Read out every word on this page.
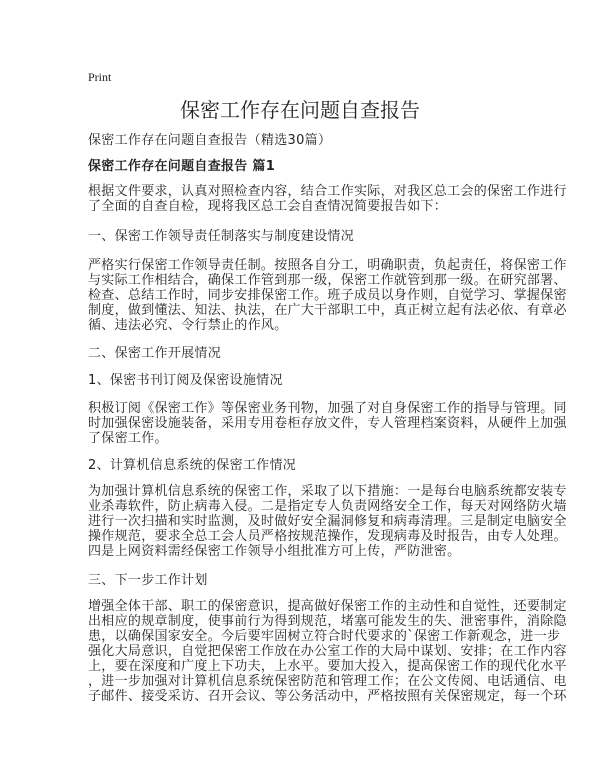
Print
保密工作存在问题自查报告
保密工作存在问题自查报告（精选30篇）
保密工作存在问题自查报告 篇1
根据文件要求，认真对照检查内容，结合工作实际，对我区总工会的保密工作进行
了全面的自查自检，现将我区总工会自查情况简要报告如下：
一、保密工作领导责任制落实与制度建设情况
严格实行保密工作领导责任制。按照各自分工，明确职责，负起责任，将保密工作
与实际工作相结合，确保工作管到那一级，保密工作就管到那一级。在研究部署、
检查、总结工作时，同步安排保密工作。班子成员以身作则，自觉学习、掌握保密
制度，做到懂法、知法、执法，在广大干部职工中，真正树立起有法必依、有章必
循、违法必究、令行禁止的作风。
二、保密工作开展情况
1、保密书刊订阅及保密设施情况
积极订阅《保密工作》等保密业务刊物，加强了对自身保密工作的指导与管理。同
时加强保密设施装备，采用专用卷柜存放文件，专人管理档案资料，从硬件上加强
了保密工作。
2、计算机信息系统的保密工作情况
为加强计算机信息系统的保密工作，采取了以下措施：一是每台电脑系统都安装专
业杀毒软件，防止病毒入侵。二是指定专人负责网络安全工作，每天对网络防火墙
进行一次扫描和实时监测，及时做好安全漏洞修复和病毒清理。三是制定电脑安全
操作规范，要求全总工会人员严格按规范操作，发现病毒及时报告，由专人处理。
四是上网资料需经保密工作领导小组批准方可上传，严防泄密。
三、下一步工作计划
增强全体干部、职工的保密意识，提高做好保密工作的主动性和自觉性，还要制定
出相应的规章制度，使事前行为得到规范，堵塞可能发生的失、泄密事件，消除隐
患，以确保国家安全。今后要牢固树立符合时代要求的`保密工作新观念，进一步
强化大局意识，自觉把保密工作放在办公室工作的大局中谋划、安排；在工作内容
上，要在深度和广度上下功夫，上水平。要加大投入，提高保密工作的现代化水平
，进一步加强对计算机信息系统保密防范和管理工作；在公文传阅、电话通信、电
子邮件、接受采访、召开会议、等公务活动中，严格按照有关保密规定，每一个环
